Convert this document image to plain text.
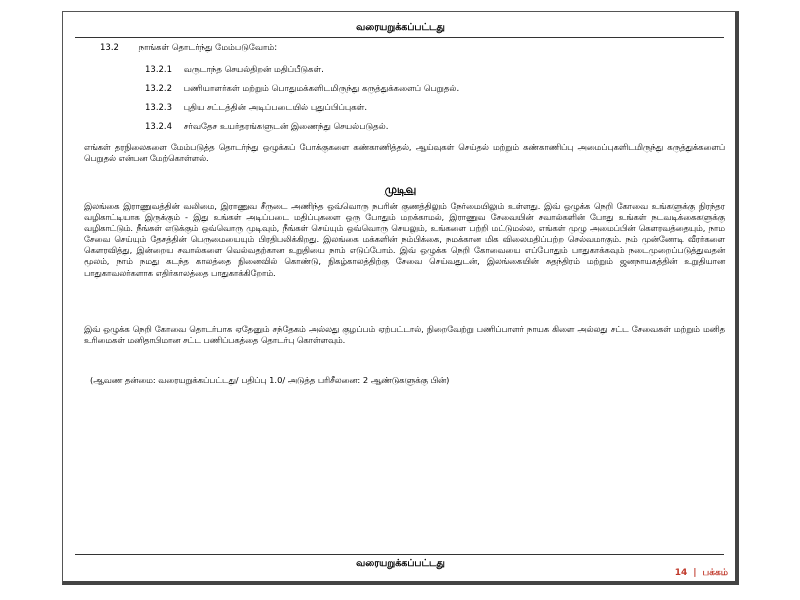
வரையறுக்கப்பட்டது
13.2 நாங்கள் தொடர்ந்து மேம்படுவோம்:
13.2.1 வருடாந்த செயல்திறன் மதிப்பீடுகள்.
13.2.2 பணியாளர்கள் மற்றும் பொதுமக்களிடமிருந்து கருத்துக்களைப் பெறுதல்.
13.2.3 புதிய சட்டத்தின் அடிப்படையில் புதுப்பிப்புகள்.
13.2.4 சர்வதேச உயர்தரங்களுடன் இணைந்து செயல்படுதல்.
எங்கள் தரநிலைகளை மேம்படுத்த தொடர்ந்து ஒழுக்கப் போக்குகளை கண்காணித்தல், ஆய்வுகள் செய்தல் மற்றும் கண்காணிப்பு அமைப்புகளிடமிருந்து கருத்துக்களைப் பெறுதல் என்பன மேற்கொள்ளல்.
முடிவு
இலங்கை இராணுவத்தின் வலிமை, இராணுவ சீருடை அணிந்த ஒவ்வொரு நபரின் குணத்திலும் நேர்மையிலும் உள்ளது. இவ் ஒழுக்க நெறி கோவை உங்களுக்கு நிரந்தர வழிகாட்டியாக இருக்கும் - இது உங்கள் அடிப்படை மதிப்புகளை ஒரு போதும் மறக்காமல், இராணுவ சேவையின் சவால்களின் போது உங்கள் நடவடிக்கைகளுக்கு வழிகாட்டும். நீங்கள் எடுக்கும் ஒவ்வொரு முடிவும், நீங்கள் செய்யும் ஒவ்வொரு செயலும், உங்களை பற்றி மட்டுமல்ல, எங்கள் முழு அமைப்பின் கௌரவத்தையும், நாம சேவை செய்யும் தேசத்தின் பெருமையையும் பிரதிபலிக்கிறது. இலங்கை மக்களின் நம்பிக்கை, நமக்கான மிக விலைமதிப்பற்ற செல்வமாகும். நம் முன்னோடி வீரர்களை கௌரவித்து, இன்றைய சவால்களை வெல்வதற்கான உறுதியை நாம் எடுப்போம். இவ் ஒழுக்க நெறி கோவையை எப்போதும் பாதுகாக்கவும் நடைமுறைப்படுத்துவதன் மூலம், நாம் நமது கடந்த காலத்தை நினைவில் கொண்டு, நிகழ்காலத்திற்கு சேவை செய்வதுடன், இலங்கையின் சுதந்திரம் மற்றும் ஜனநாயகத்தின் உறுதியான பாதுகாவலர்களாக எதிர்காலத்தை பாதுகாக்கிறோம்.
இவ் ஒழுக்க நெறி கோவை தொடர்பாக ஏதேனும் சந்தேகம் அல்லது குழப்பம் ஏற்பட்டால், நிறைவேற்று பணிப்பாளர் நாயக கிளை அல்லது சட்ட சேவைகள் மற்றும் மனித உரிமைகள் மனிதாபிமான சட்ட பணிப்பகத்தை தொடர்பு கொள்ளவும்.
(ஆவண தன்மை: வரையறுக்கப்பட்டது/ பதிப்பு 1.0/ அடுத்த பரிசீலனை: 2 ஆண்டுகளுக்கு பின்)
வரையறுக்கப்பட்டது
14 | பக்கம்
